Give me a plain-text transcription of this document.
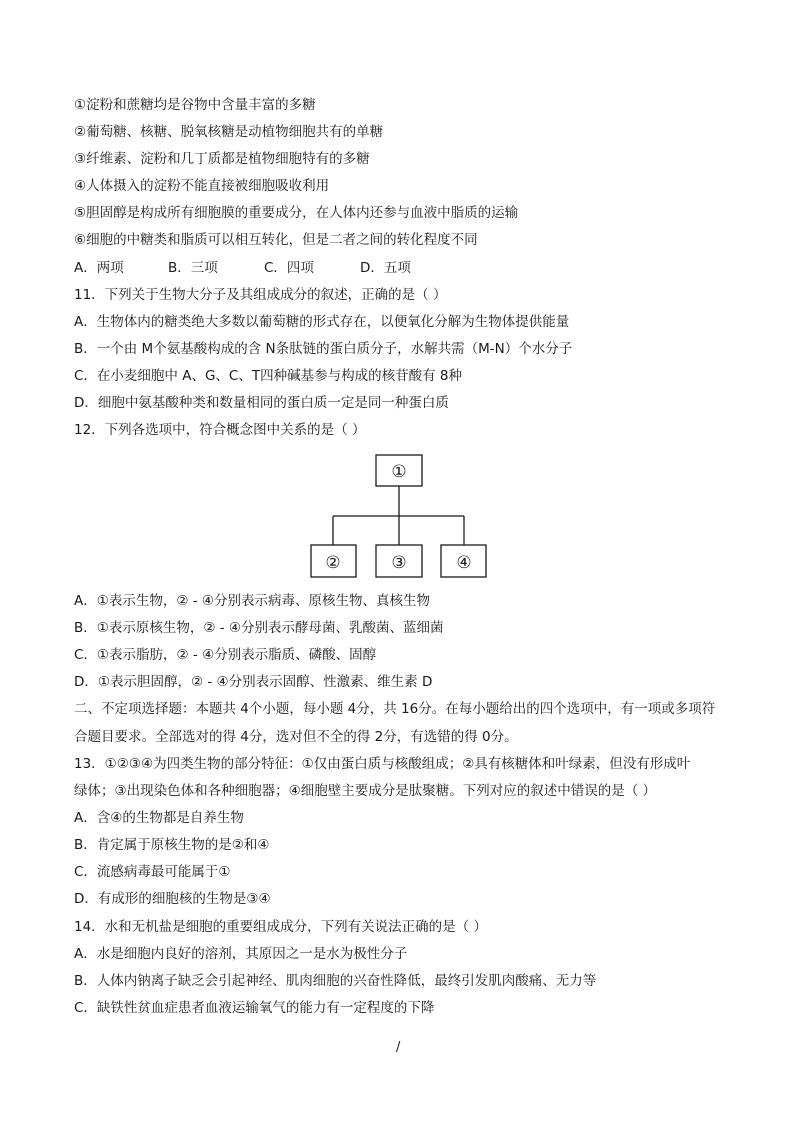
①淀粉和蔗糖均是谷物中含量丰富的多糖
②葡萄糖、核糖、脱氧核糖是动植物细胞共有的单糖
③纤维素、淀粉和几丁质都是植物细胞特有的多糖
④人体摄入的淀粉不能直接被细胞吸收利用
⑤胆固醇是构成所有细胞膜的重要成分，在人体内还参与血液中脂质的运输
⑥细胞的中糖类和脂质可以相互转化，但是二者之间的转化程度不同
A．两项	B．三项	C．四项	D．五项
11．下列关于生物大分子及其组成成分的叙述，正确的是（ ）
A．生物体内的糖类绝大多数以葡萄糖的形式存在，以便氧化分解为生物体提供能量
B．一个由 M个氨基酸构成的含 N条肽链的蛋白质分子，水解共需（M-N）个水分子
C．在小麦细胞中 A、G、C、T四种碱基参与构成的核苷酸有 8种
D．细胞中氨基酸种类和数量相同的蛋白质一定是同一种蛋白质
12．下列各选项中，符合概念图中关系的是（ ）
①
②	③	④
A．①表示生物，② - ④分别表示病毒、原核生物、真核生物
B．①表示原核生物，② - ④分别表示酵母菌、乳酸菌、蓝细菌
C．①表示脂肪，② - ④分别表示脂质、磷酸、固醇
D．①表示胆固醇，② - ④分别表示固醇、性激素、维生素 D
二、不定项选择题：本题共 4个小题，每小题 4分，共 16分。在每小题给出的四个选项中，有一项或多项符
合题目要求。全部选对的得 4分，选对但不全的得 2分，有选错的得 0分。
13．①②③④为四类生物的部分特征：①仅由蛋白质与核酸组成；②具有核糖体和叶绿素，但没有形成叶
绿体；③出现染色体和各种细胞器；④细胞壁主要成分是肽聚糖。下列对应的叙述中错误的是（ ）
A．含④的生物都是自养生物
B．肯定属于原核生物的是②和④
C．流感病毒最可能属于①
D．有成形的细胞核的生物是③④
14．水和无机盐是细胞的重要组成成分，下列有关说法正确的是（ ）
A．水是细胞内良好的溶剂，其原因之一是水为极性分子
B．人体内钠离子缺乏会引起神经、肌肉细胞的兴奋性降低，最终引发肌肉酸痛、无力等
C．缺铁性贫血症患者血液运输氧气的能力有一定程度的下降
/
